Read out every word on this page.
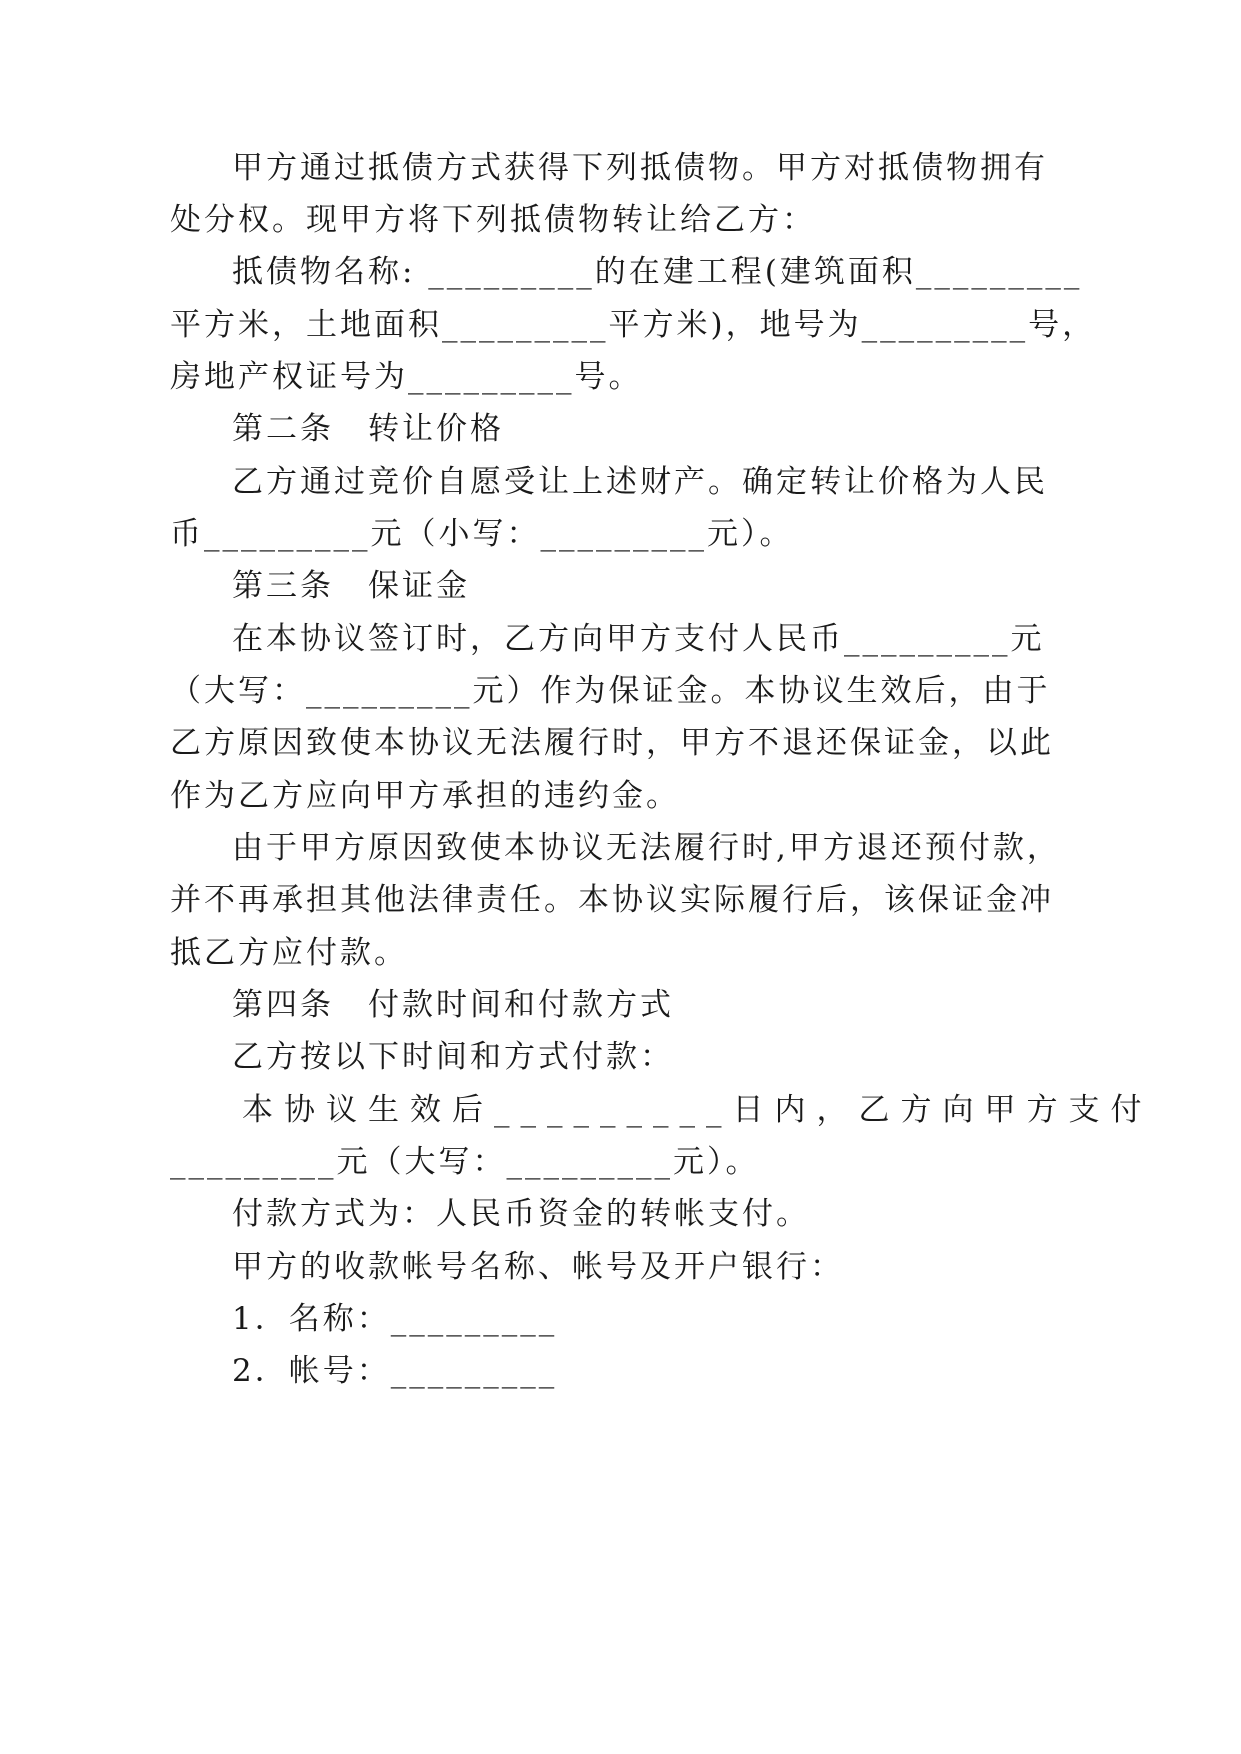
甲方通过抵债方式获得下列抵债物。甲方对抵债物拥有

处分权。现甲方将下列抵债物转让给乙方：

抵债物名称: _________的在建工程(建筑面积_________

平方米，土地面积_________平方米)，地号为_________号，

房地产权证号为_________号。

第二条　转让价格

乙方通过竞价自愿受让上述财产。确定转让价格为人民

币_________元（小写：_________元）。

第三条　保证金

在本协议签订时，乙方向甲方支付人民币_________元

（大写：_________元）作为保证金。本协议生效后，由于

乙方原因致使本协议无法履行时，甲方不退还保证金，以此

作为乙方应向甲方承担的违约金。

由于甲方原因致使本协议无法履行时,甲方退还预付款，

并不再承担其他法律责任。本协议实际履行后，该保证金冲

抵乙方应付款。

第四条　付款时间和付款方式

乙方按以下时间和方式付款：

本协议生效后_________日内，乙方向甲方支付

_________元（大写：_________元）。

付款方式为：人民币资金的转帐支付。

甲方的收款帐号名称、帐号及开户银行：

1．名称：_________

2．帐号：_________
